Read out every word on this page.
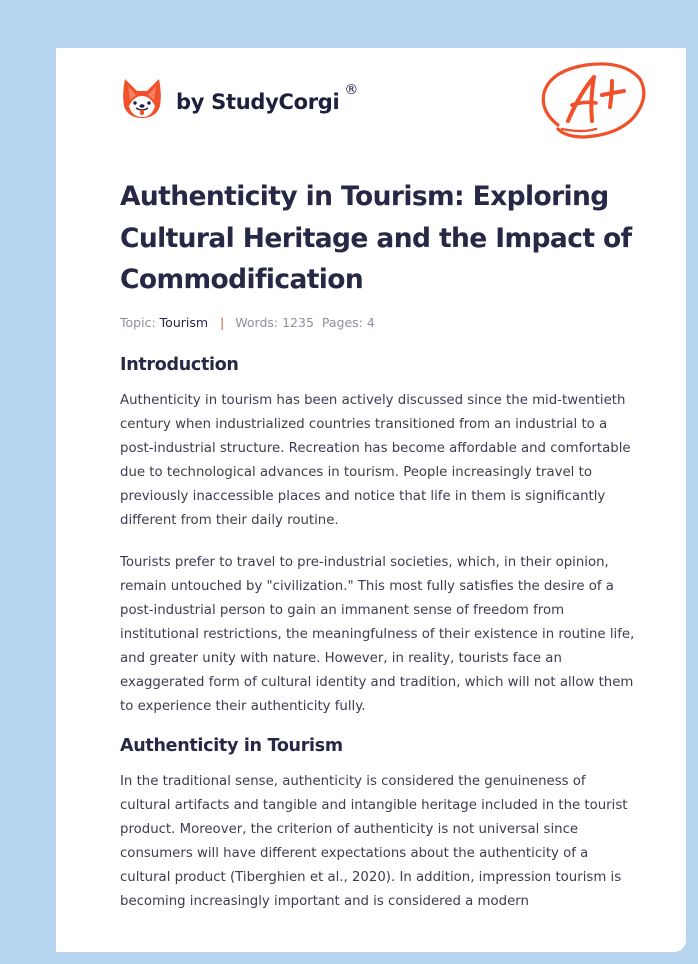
by StudyCorgi ®
Authenticity in Tourism: Exploring Cultural Heritage and the Impact of Commodification
Topic: Tourism | Words: 1235 Pages: 4
Introduction

Authenticity in tourism has been actively discussed since the mid-twentieth century when industrialized countries transitioned from an industrial to a post-industrial structure. Recreation has become affordable and comfortable due to technological advances in tourism. People increasingly travel to previously inaccessible places and notice that life in them is significantly different from their daily routine.

Tourists prefer to travel to pre-industrial societies, which, in their opinion, remain untouched by "civilization." This most fully satisfies the desire of a post-industrial person to gain an immanent sense of freedom from institutional restrictions, the meaningfulness of their existence in routine life, and greater unity with nature. However, in reality, tourists face an exaggerated form of cultural identity and tradition, which will not allow them to experience their authenticity fully.

Authenticity in Tourism

In the traditional sense, authenticity is considered the genuineness of cultural artifacts and tangible and intangible heritage included in the tourist product. Moreover, the criterion of authenticity is not universal since consumers will have different expectations about the authenticity of a cultural product (Tiberghien et al., 2020). In addition, impression tourism is becoming increasingly important and is considered a modern
